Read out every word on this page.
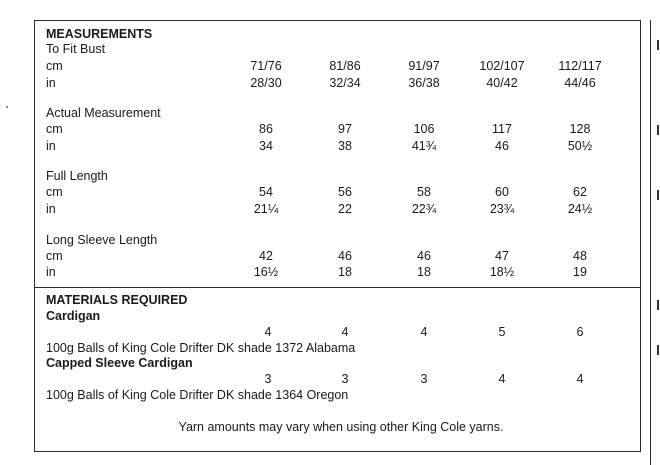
MEASUREMENTS
To Fit Bust
cm	71/76	81/86	91/97	102/107	112/117
in	28/30	32/34	36/38	40/42	44/46
Actual Measurement
cm	86	97	106	117	128
in	34	38	41¾	46	50½
Full Length
cm	54	56	58	60	62
in	21¼	22	22¾	23¾	24½
Long Sleeve Length
cm	42	46	46	47	48
in	16½	18	18	18½	19
MATERIALS REQUIRED
Cardigan
4	4	4	5	6
100g Balls of King Cole Drifter DK shade 1372 Alabama
Capped Sleeve Cardigan
3	3	3	4	4
100g Balls of King Cole Drifter DK shade 1364 Oregon
Yarn amounts may vary when using other King Cole yarns.
